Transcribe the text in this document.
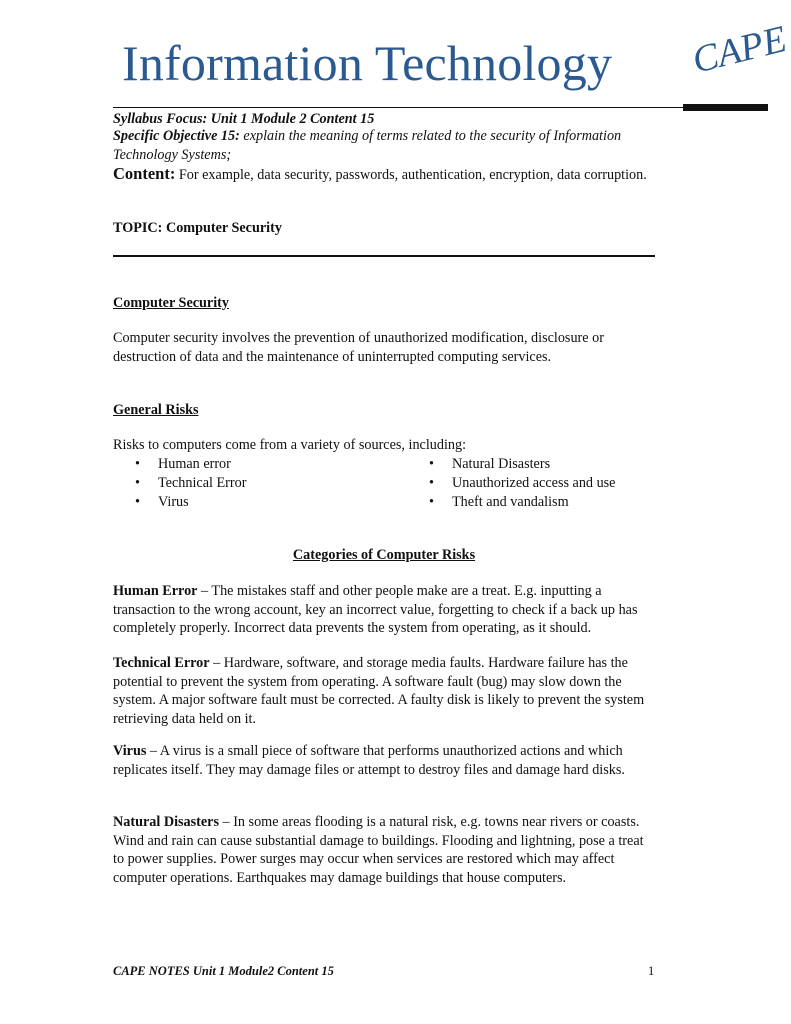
Information Technology CAPE
Syllabus Focus: Unit 1 Module 2 Content 15
Specific Objective 15: explain the meaning of terms related to the security of Information Technology Systems;
Content: For example, data security, passwords, authentication, encryption, data corruption.
TOPIC: Computer Security
Computer Security
Computer security involves the prevention of unauthorized modification, disclosure or destruction of data and the maintenance of uninterrupted computing services.
General Risks
Risks to computers come from a variety of sources, including:
• Human error
• Technical Error
• Virus
• Natural Disasters
• Unauthorized access and use
• Theft and vandalism
Categories of Computer Risks
Human Error – The mistakes staff and other people make are a treat. E.g. inputting a transaction to the wrong account, key an incorrect value, forgetting to check if a back up has completely properly. Incorrect data prevents the system from operating, as it should.
Technical Error – Hardware, software, and storage media faults. Hardware failure has the potential to prevent the system from operating. A software fault (bug) may slow down the system. A major software fault must be corrected. A faulty disk is likely to prevent the system retrieving data held on it.
Virus – A virus is a small piece of software that performs unauthorized actions and which replicates itself. They may damage files or attempt to destroy files and damage hard disks.
Natural Disasters – In some areas flooding is a natural risk, e.g. towns near rivers or coasts. Wind and rain can cause substantial damage to buildings. Flooding and lightning, pose a treat to power supplies. Power surges may occur when services are restored which may affect computer operations. Earthquakes may damage buildings that house computers.
CAPE NOTES Unit 1 Module2 Content 15	1
